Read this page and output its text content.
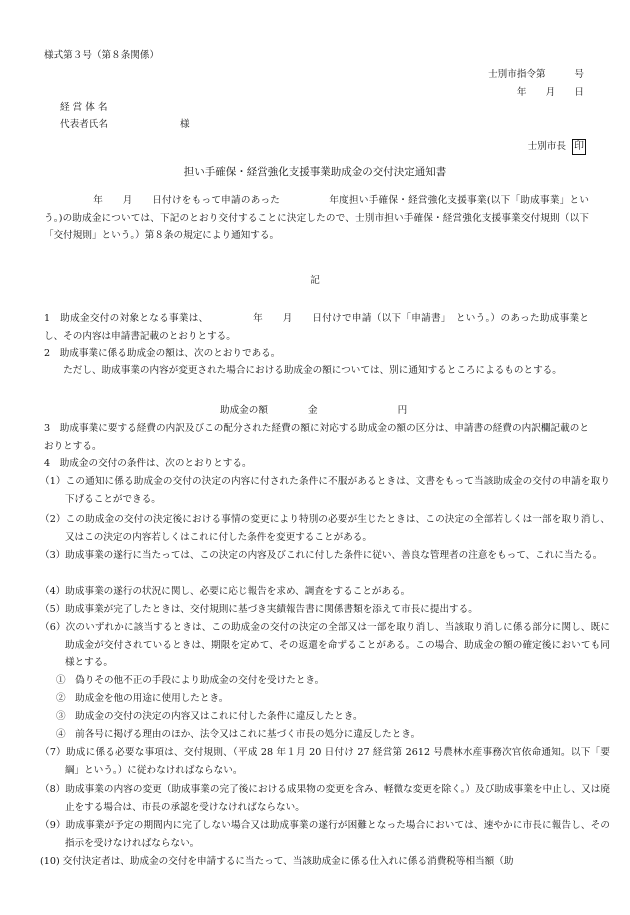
様式第３号（第８条関係）
士別市指令第　　　号
年　　月　　日
経 営 体 名
代表者氏名	様
士別市長 印
担い手確保・経営強化支援事業助成金の交付決定通知書
　　　　　年　　月　　日付けをもって申請のあった　　　　　年度担い手確保・経営強化支援事業(以下「助成事業」という。)の助成金については、下記のとおり交付することに決定したので、士別市担い手確保・経営強化支援事業交付規則（以下「交付規則」という。）第８条の規定により通知する。
記
1　助成金交付の対象となる事業は、　　　　　年　　月　　日付けで申請（以下「申請書」　という。）のあった助成事業とし、その内容は申請書記載のとおりとする。
2　助成事業に係る助成金の額は、次のとおりである。
ただし、助成事業の内容が変更された場合における助成金の額については、別に通知するところによるものとする。
助成金の額	金	円
3　助成事業に要する経費の内訳及びこの配分された経費の額に対応する助成金の額の区分は、申請書の経費の内訳欄記載のとおりとする。
4　助成金の交付の条件は、次のとおりとする。
（1）この通知に係る助成金の交付の決定の内容に付された条件に不服があるときは、文書をもって当該助成金の交付の申請を取り下げることができる。
（2）この助成金の交付の決定後における事情の変更により特別の必要が生じたときは、この決定の全部若しくは一部を取り消し、又はこの決定の内容若しくはこれに付した条件を変更することがある。
（3）助成事業の遂行に当たっては、この決定の内容及びこれに付した条件に従い、善良な管理者の注意をもって、これに当たる。
（4）助成事業の遂行の状況に関し、必要に応じ報告を求め、調査をすることがある。
（5）助成事業が完了したときは、交付規則に基づき実績報告書に関係書類を添えて市長に提出する。
（6）次のいずれかに該当するときは、この助成金の交付の決定の全部又は一部を取り消し、当該取り消しに係る部分に関し、既に助成金が交付されているときは、期限を定めて、その返還を命ずることがある。この場合、助成金の額の確定後においても同様とする。
①　偽りその他不正の手段により助成金の交付を受けたとき。
②　助成金を他の用途に使用したとき。
③　助成金の交付の決定の内容又はこれに付した条件に違反したとき。
④　前各号に掲げる理由のほか、法令又はこれに基づく市長の処分に違反したとき。
（7）助成に係る必要な事項は、交付規則、（平成 28 年１月 20 日付け 27 経営第 2612 号農林水産事務次官依命通知。以下「要綱」という。）に従わなければならない。
（8）助成事業の内容の変更（助成事業の完了後における成果物の変更を含み、軽微な変更を除く。）及び助成事業を中止し、又は廃止をする場合は、市長の承認を受けなければならない。
（9）助成事業が予定の期間内に完了しない場合又は助成事業の遂行が困難となった場合においては、速やかに市長に報告し、その指示を受けなければならない。
(10) 交付決定者は、助成金の交付を申請するに当たって、当該助成金に係る仕入れに係る消費税等相当額（助
